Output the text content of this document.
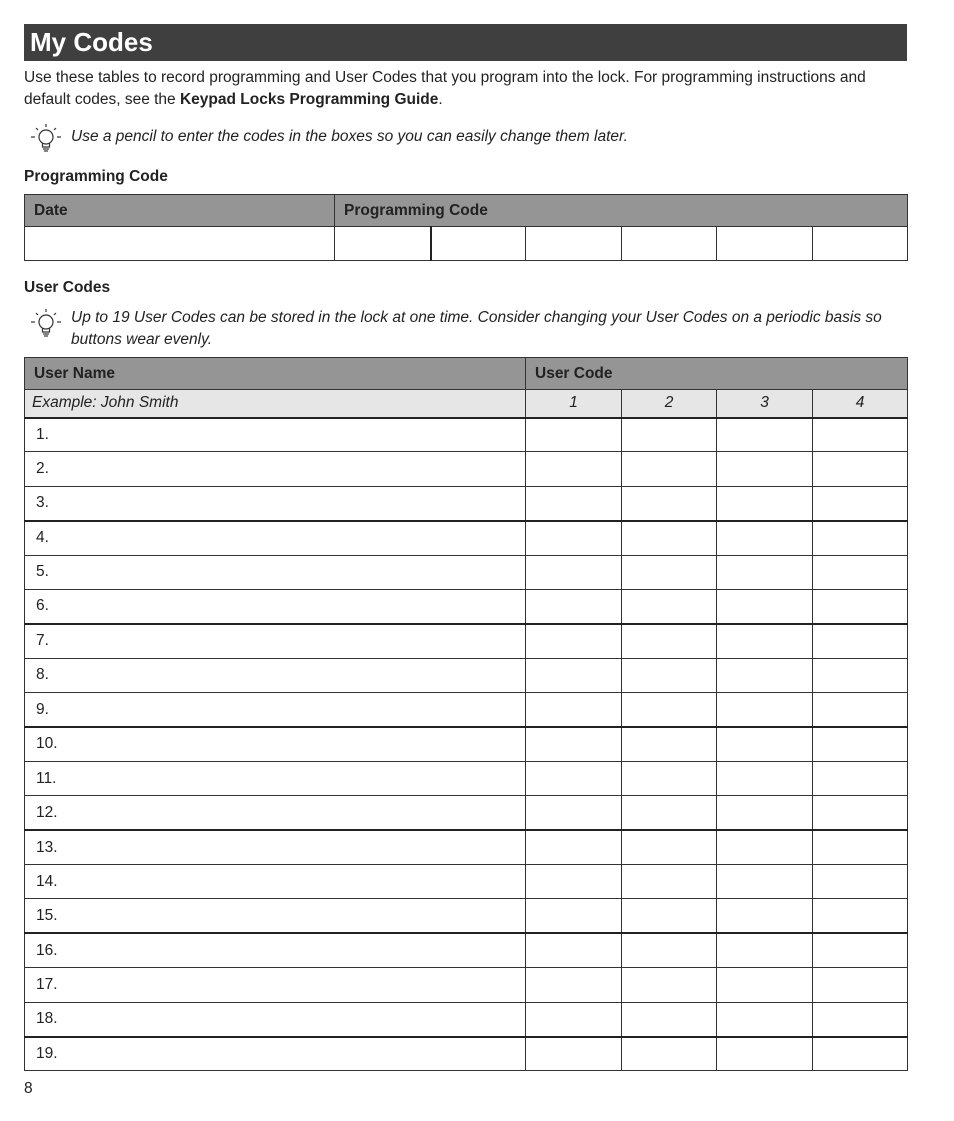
My Codes
Use these tables to record programming and User Codes that you program into the lock. For programming instructions and default codes, see the Keypad Locks Programming Guide.
Use a pencil to enter the codes in the boxes so you can easily change them later.
Programming Code
Date	Programming Code					

User Codes
Up to 19 User Codes can be stored in the lock at one time. Consider changing your User Codes on a periodic basis so buttons wear evenly.
User Name	User Code			
Example: John Smith	1	2	3	4
1.				
2.				
3.				
4.				
5.				
6.				
7.				
8.				
9.				
10.				
11.				
12.				
13.				
14.				
15.				
16.				
17.				
18.				
19.				
8
